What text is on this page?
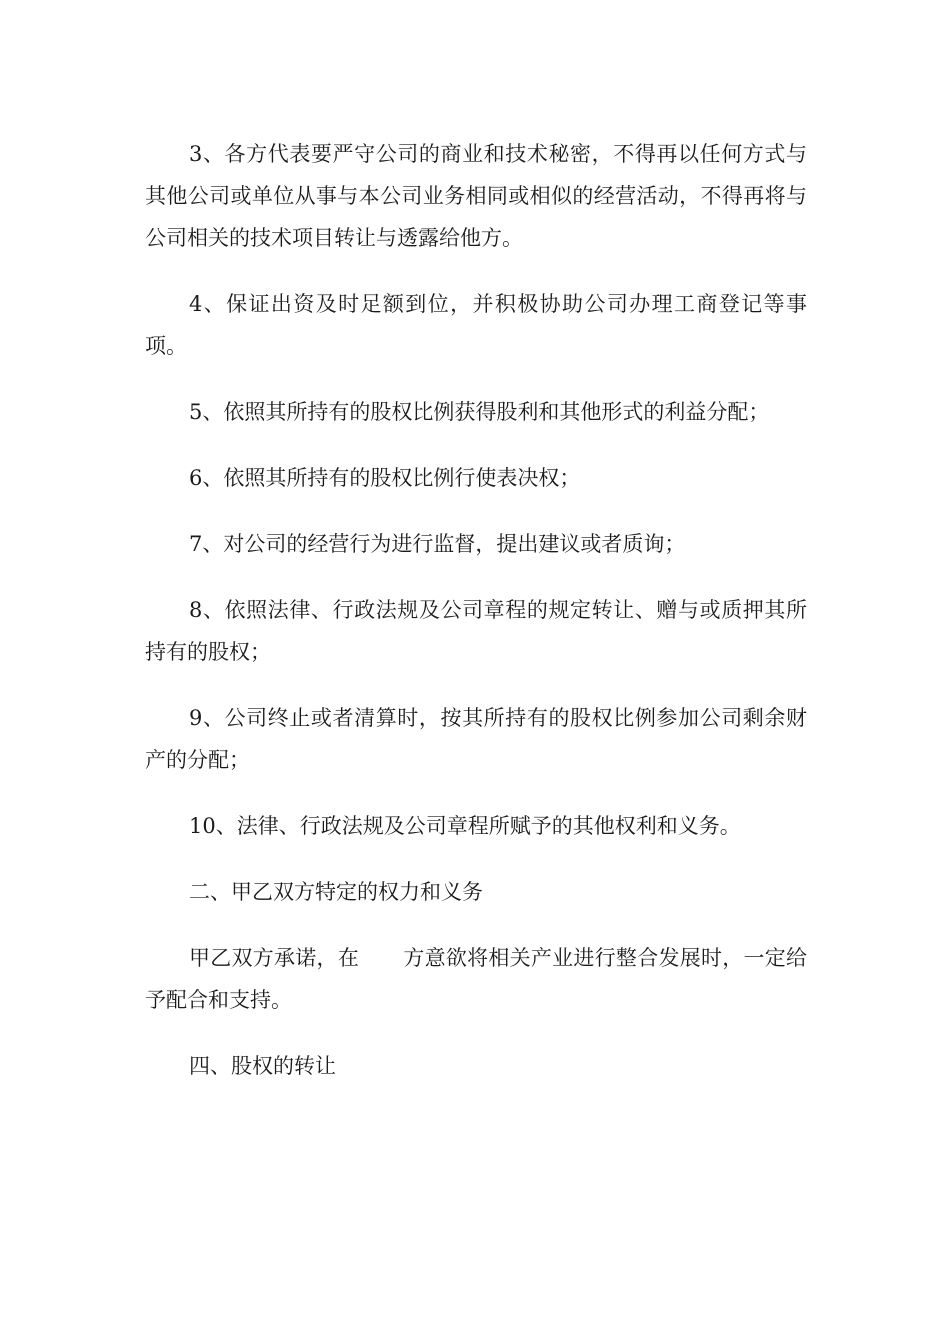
3、各方代表要严守公司的商业和技术秘密，不得再以任何方式与其他公司或单位从事与本公司业务相同或相似的经营活动，不得再将与公司相关的技术项目转让与透露给他方。

4、保证出资及时足额到位，并积极协助公司办理工商登记等事项。

5、依照其所持有的股权比例获得股利和其他形式的利益分配；

6、依照其所持有的股权比例行使表决权；

7、对公司的经营行为进行监督，提出建议或者质询；

8、依照法律、行政法规及公司章程的规定转让、赠与或质押其所持有的股权；

9、公司终止或者清算时，按其所持有的股权比例参加公司剩余财产的分配；

10、法律、行政法规及公司章程所赋予的其他权利和义务。

二、甲乙双方特定的权力和义务

甲乙双方承诺，在 方意欲将相关产业进行整合发展时，一定给予配合和支持。

四、股权的转让
